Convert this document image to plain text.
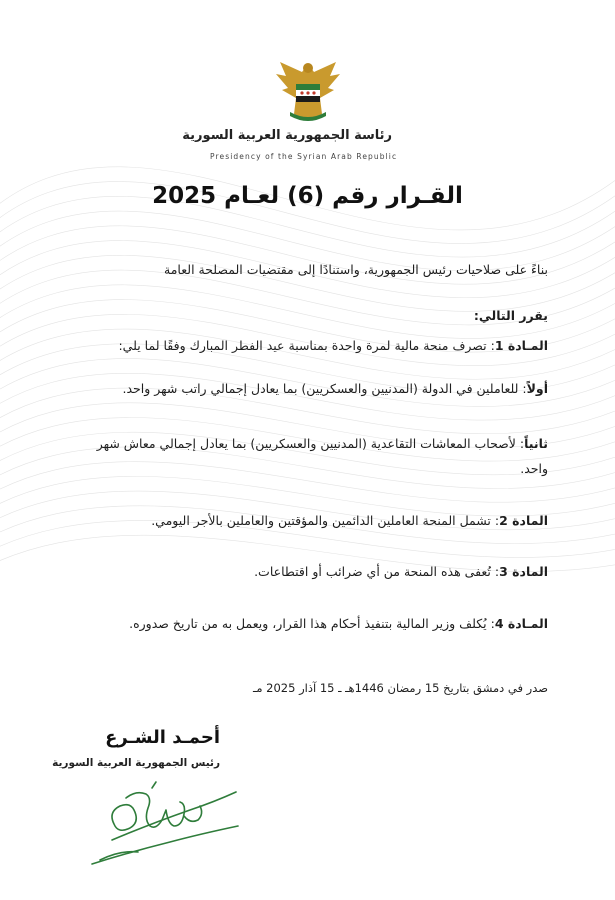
رئاسة الجمهورية العربية السورية
Presidency of the Syrian Arab Republic
القـرار رقم (6) لعـام 2025
بناءً على صلاحيات رئيس الجمهورية، واستنادًا إلى مقتضيات المصلحة العامة
يقرر التالي:
المـادة 1: تصرف منحة مالية لمرة واحدة بمناسبة عيد الفطر المبارك وفقًا لما يلي:
أولاً: للعاملين في الدولة (المدنيين والعسكريين) بما يعادل إجمالي راتب شهر واحد.
ثانياً: لأصحاب المعاشات التقاعدية (المدنيين والعسكريين) بما يعادل إجمالي معاش شهر واحد.
المادة 2: تشمل المنحة العاملين الدائمين والمؤقتين والعاملين بالأجر اليومي.
المادة 3: تُعفى هذه المنحة من أي ضرائب أو اقتطاعات.
المـادة 4: يُكلف وزير المالية بتنفيذ أحكام هذا القرار، ويعمل به من تاريخ صدوره.
صدر في دمشق بتاريخ 15 رمضان 1446هـ ـ 15 آذار 2025 مـ
أحمـد الشـرع
رئيس الجمهورية العربية السورية
